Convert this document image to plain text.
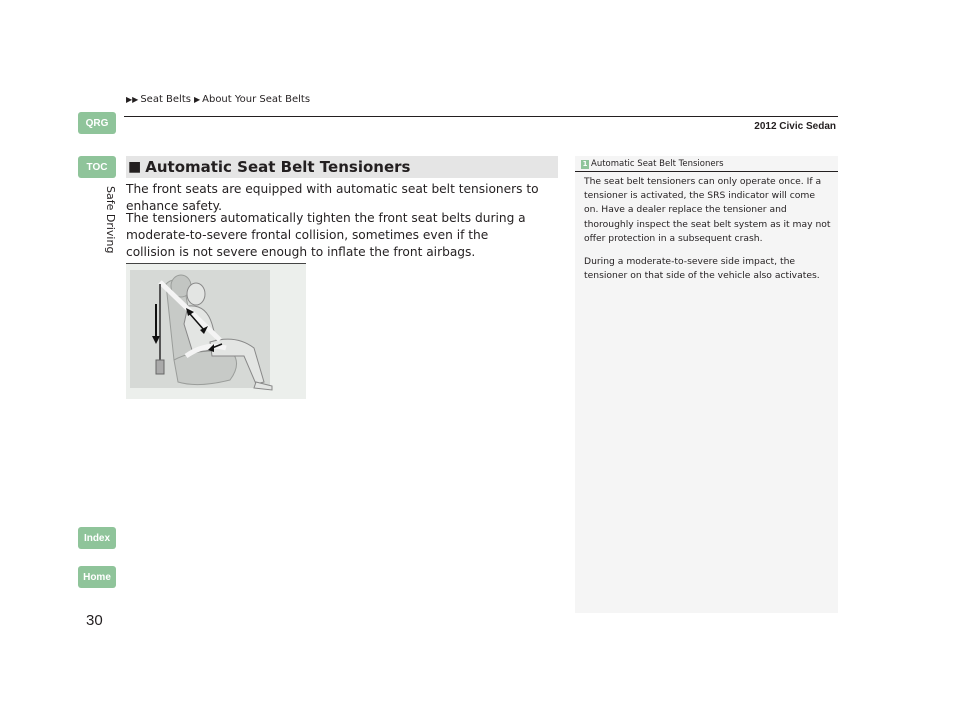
▶▶ Seat Belts ▶ About Your Seat Belts
2012 Civic Sedan
QRG
TOC
Index
Home
Safe Driving
■ Automatic Seat Belt Tensioners

The front seats are equipped with automatic seat belt tensioners to enhance safety.

The tensioners automatically tighten the front seat belts during a moderate-to-severe frontal collision, sometimes even if the collision is not severe enough to inflate the front airbags.

1 Automatic Seat Belt Tensioners

The seat belt tensioners can only operate once. If a tensioner is activated, the SRS indicator will come on. Have a dealer replace the tensioner and thoroughly inspect the seat belt system as it may not offer protection in a subsequent crash.

During a moderate-to-severe side impact, the tensioner on that side of the vehicle also activates.

30
